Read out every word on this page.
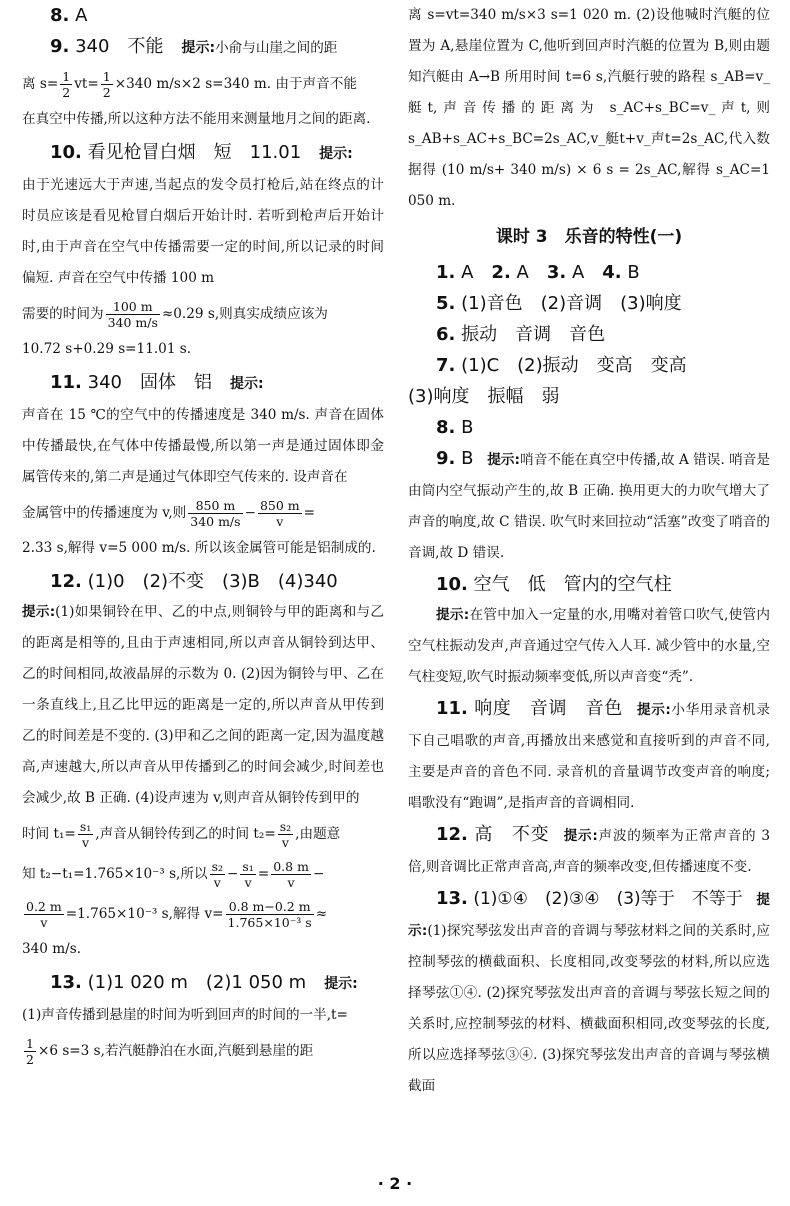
8. A

9. 340　不能　 提示:小俞与山崖之间的距

离 $s= \frac{1}{2} vt= \frac{1}{2} \times 340$ m/s×2 s=340 m. 由于声音不能

在真空中传播,所以这种方法不能用来测量地月之间的距离.

10. 看见枪冒白烟　短　11.01　 提示:

由于光速远大于声速,当起点的发令员打枪后,站在终点的计时员应该是看见枪冒白烟后开始计时. 若听到枪声后开始计时,由于声音在空气中传播需要一定的时间,所以记录的时间偏短. 声音在空气中传播 100 m

需要的时间为 $\frac{100 m}{340 m/s} \approx 0.29$ s,则真实成绩应该为

10.72 s+0.29 s=11.01 s.

11. 340　固体　铝　 提示:

声音在 15 ℃的空气中的传播速度是 340 m/s. 声音在固体中传播最快,在气体中传播最慢,所以第一声是通过固体即金属管传来的,第二声是通过气体即空气传来的. 设声音在

金属管中的传播速度为 v,则 $\frac{850 m}{340 m/s} - \frac{850 m}{v}$ =

2.33 s,解得 v=5 000 m/s. 所以该金属管可能是铝制成的.

12. (1)0　(2)不变　(3)B　(4)340

提示:(1)如果铜铃在甲、乙的中点,则铜铃与甲的距离和与乙的距离是相等的,且由于声速相同,所以声音从铜铃到达甲、乙的时间相同,故液晶屏的示数为 0. (2)因为铜铃与甲、乙在一条直线上,且乙比甲远的距离是一定的,所以声音从甲传到乙的时间差是不变的. (3)甲和乙之间的距离一定,因为温度越高,声速越大,所以声音从甲传播到乙的时间会减少,时间差也会减少,故 B 正确. (4)设声速为 v,则声音从铜铃传到甲的

时间 $t_1= \frac{\text{s₁}}{v}$ ,声音从铜铃传到乙的时间 $t_2= \frac{\text{s₂}}{v}$ ,由题意

知 t₂−t₁=1.765×10⁻³ s,所以 $\frac{\text{s₂}}{v} - \frac{\text{s₁}}{v} = \frac{0.8 m}{v}$ −

$\frac{0.2 m}{v} =1.765\times 10^{-3}$ s,解得 $v= \frac{0.8 m-0.2 m}{\text{1.765×10⁻³ s}}$ ≈

340 m/s.

13. (1)1 020 m　(2)1 050 m　 提示:

(1)声音传播到悬崖的时间为听到回声的时间的一半,t=

$\frac{1}{2} \times 6$ s=3 s,若汽艇静泊在水面,汽艇到悬崖的距

离 s=vt=340 m/s×3 s=1 020 m. (2)设他喊时汽艇的位置为 A,悬崖位置为 C,他听到回声时汽艇的位置为 B,则由题知汽艇由 A→B 所用时间 t=6 s,汽艇行驶的路程 s_AB=v_艇t,声音传播的距离为 s_AC+s_BC=v_声t,则 s_AB+s_AC+s_BC=2s_AC,v_艇t+v_声t=2s_AC,代入数据得 (10 m/s+ 340 m/s) × 6 s = 2s_AC,解得 s_AC=1 050 m.

课时 3　乐音的特性(一)

1. A　2. A　3. A　4. B

5. (1)音色　(2)音调　(3)响度

6. 振动　音调　音色

7. (1)C　(2)振动　变高　变高

(3)响度　振幅　弱

8. B

9. B　 提示:哨音不能在真空中传播,故 A 错误. 哨音是由筒内空气振动产生的,故 B 正确. 换用更大的力吹气增大了声音的响度,故 C 错误. 吹气时来回拉动“活塞”改变了哨音的音调,故 D 错误.

10. 空气　低　管内的空气柱

提示:在管中加入一定量的水,用嘴对着管口吹气,使管内空气柱振动发声,声音通过空气传入人耳. 减少管中的水量,空气柱变短,吹气时振动频率变低,所以声音变“秃”.

11. 响度　音调　音色　 提示:小华用录音机录下自己唱歌的声音,再播放出来感觉和直接听到的声音不同,主要是声音的音色不同. 录音机的音量调节改变声音的响度;唱歌没有“跑调”,是指声音的音调相同.

12. 高　不变　 提示:声波的频率为正常声音的 3 倍,则音调比正常声音高,声音的频率改变,但传播速度不变.

13. (1)①④　(2)③④　(3)等于　不等于　 提示:(1)探究琴弦发出声音的音调与琴弦材料之间的关系时,应控制琴弦的横截面积、长度相同,改变琴弦的材料,所以应选择琴弦①④. (2)探究琴弦发出声音的音调与琴弦长短之间的关系时,应控制琴弦的材料、横截面积相同,改变琴弦的长度,所以应选择琴弦③④. (3)探究琴弦发出声音的音调与琴弦横截面

· 2 ·
